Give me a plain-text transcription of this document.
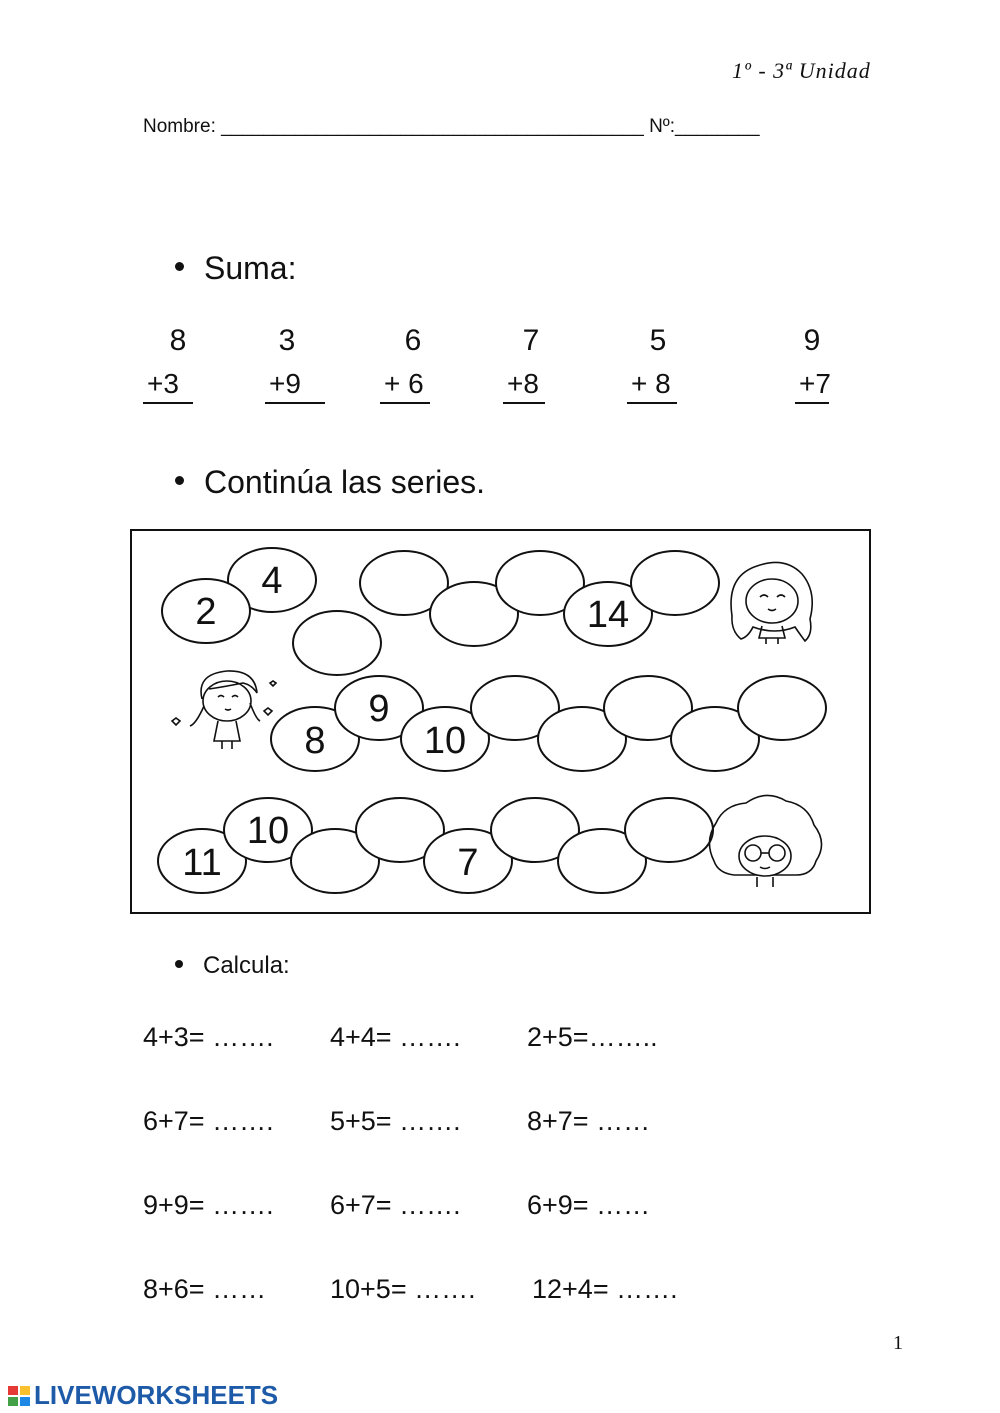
1º - 3ª Unidad
Nombre: ________________________________________ Nº:________
Suma:
8	3	6	7	5	9
+3	+9	+ 6	+8	+ 8	+7
Continúa las series.
2
4
14
8
9
10
11
10
7
Calcula:
4+3= ……. 4+4= ……. 2+5=……..
6+7= ……. 5+5= ……. 8+7= ……
9+9= ……. 6+7= ……. 6+9= ……
8+6= …… 10+5= ……. 12+4= …….
1
LIVEWORKSHEETS
